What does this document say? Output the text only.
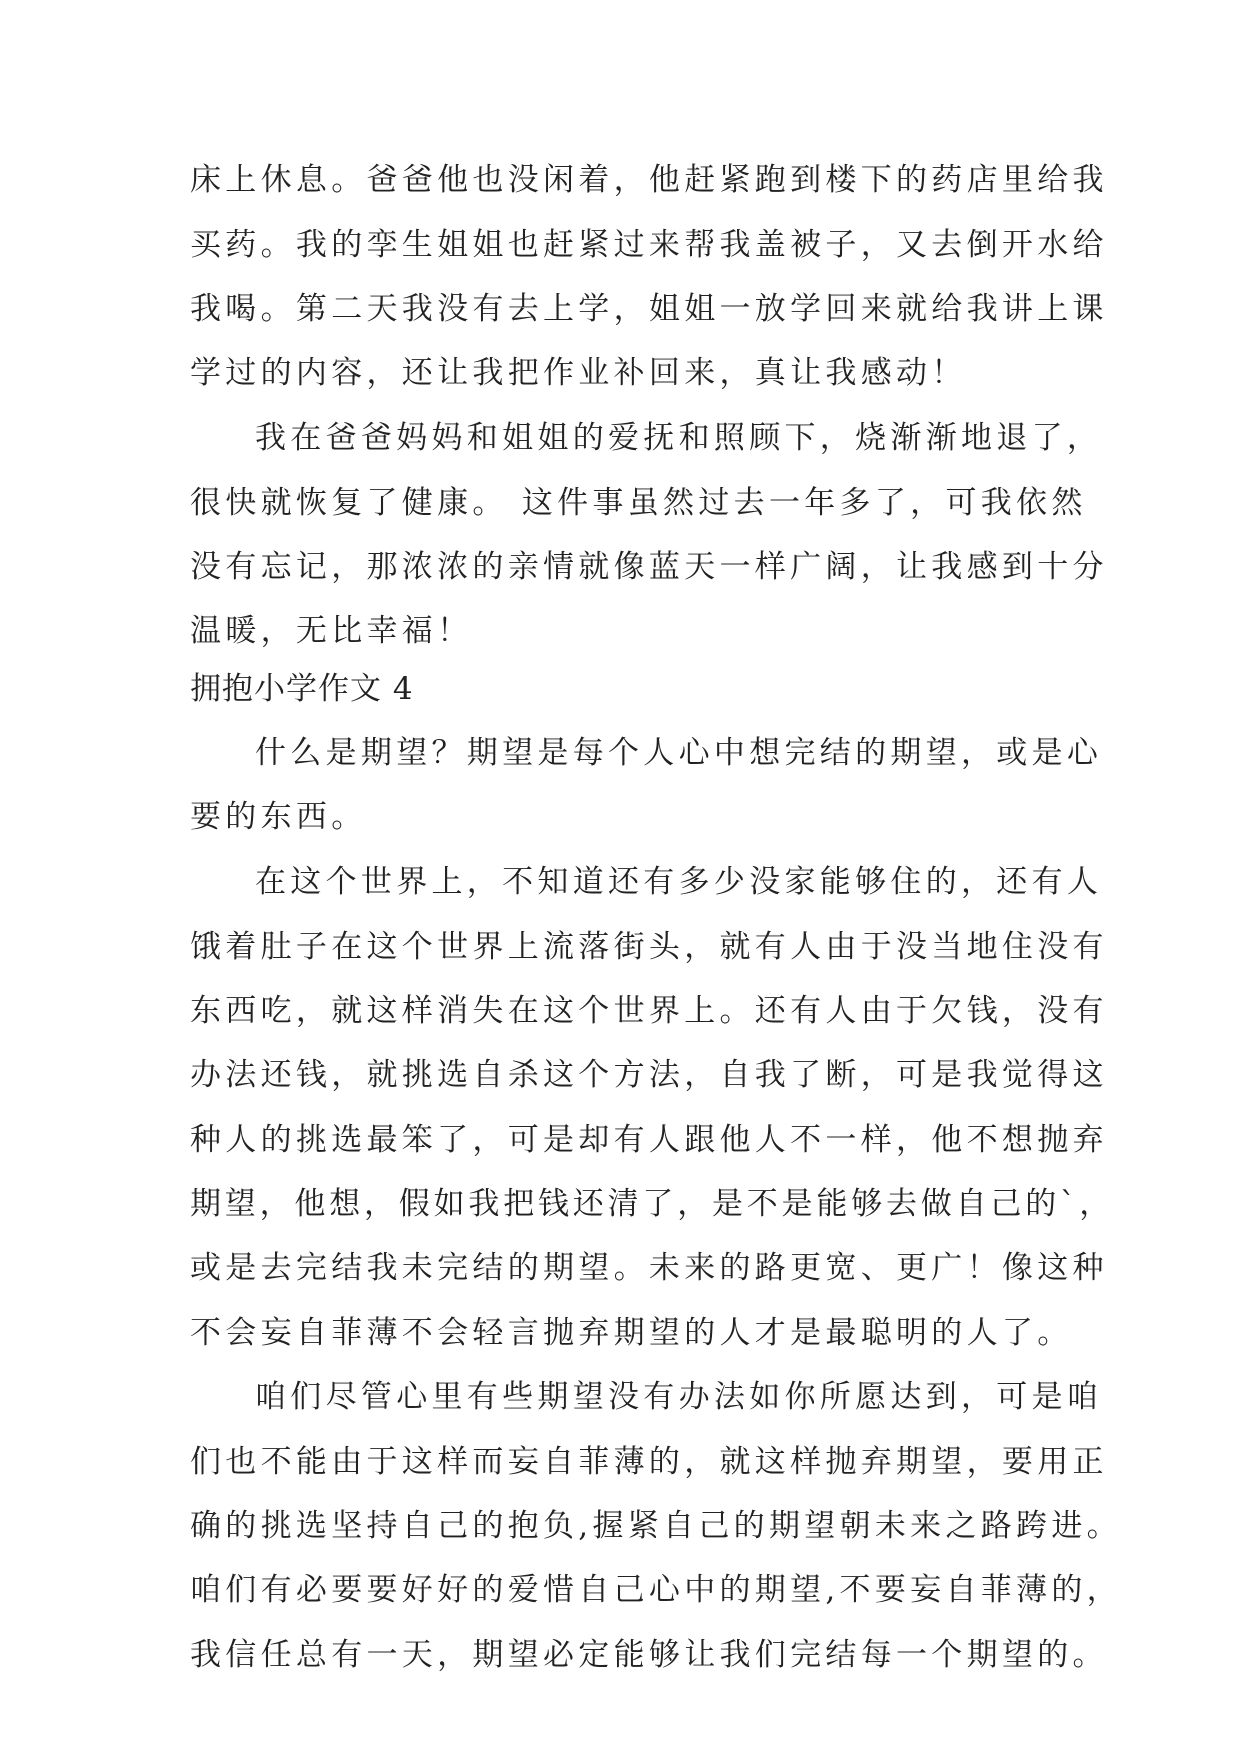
床上休息。爸爸他也没闲着，他赶紧跑到楼下的药店里给我
买药。我的孪生姐姐也赶紧过来帮我盖被子，又去倒开水给
我喝。第二天我没有去上学，姐姐一放学回来就给我讲上课
学过的内容，还让我把作业补回来，真让我感动！
我在爸爸妈妈和姐姐的爱抚和照顾下，烧渐渐地退了，
很快就恢复了健康。 这件事虽然过去一年多了，可我依然
没有忘记，那浓浓的亲情就像蓝天一样广阔，让我感到十分
温暖，无比幸福！
拥抱小学作文 4
什么是期望？期望是每个人心中想完结的期望，或是心
要的东西。
在这个世界上，不知道还有多少没家能够住的，还有人
饿着肚子在这个世界上流落街头，就有人由于没当地住没有
东西吃，就这样消失在这个世界上。还有人由于欠钱，没有
办法还钱，就挑选自杀这个方法，自我了断，可是我觉得这
种人的挑选最笨了，可是却有人跟他人不一样，他不想抛弃
期望，他想，假如我把钱还清了，是不是能够去做自己的`，
或是去完结我未完结的期望。未来的路更宽、更广！像这种
不会妄自菲薄不会轻言抛弃期望的人才是最聪明的人了。
咱们尽管心里有些期望没有办法如你所愿达到，可是咱
们也不能由于这样而妄自菲薄的，就这样抛弃期望，要用正
确的挑选坚持自己的抱负,握紧自己的期望朝未来之路跨进。
咱们有必要要好好的爱惜自己心中的期望,不要妄自菲薄的，
我信任总有一天，期望必定能够让我们完结每一个期望的。
